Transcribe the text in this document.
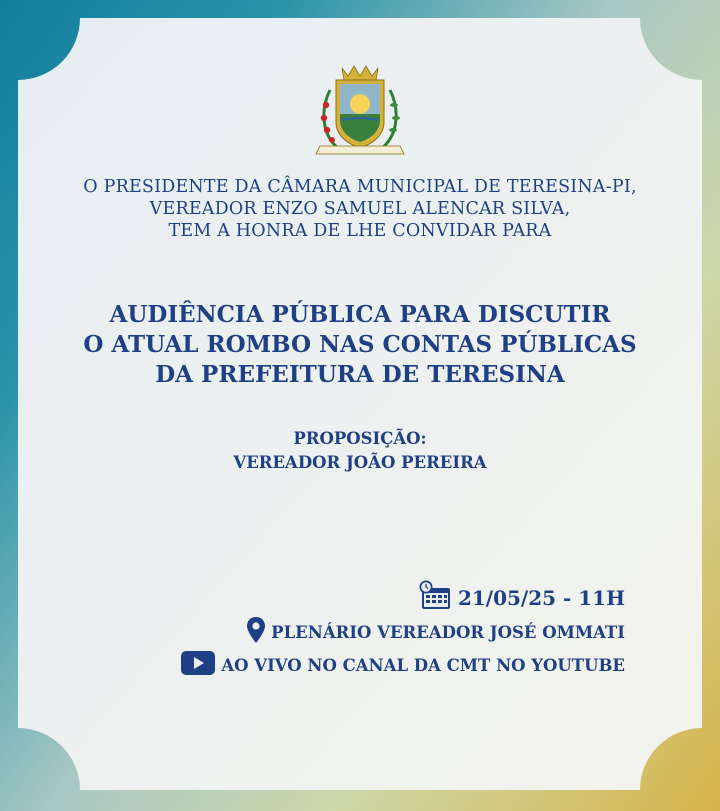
O PRESIDENTE DA CÂMARA MUNICIPAL DE TERESINA-PI,
VEREADOR ENZO SAMUEL ALENCAR SILVA,
TEM A HONRA DE LHE CONVIDAR PARA
AUDIÊNCIA PÚBLICA PARA DISCUTIR
O ATUAL ROMBO NAS CONTAS PÚBLICAS
DA PREFEITURA DE TERESINA
PROPOSIÇÃO:
VEREADOR JOÃO PEREIRA
21/05/25 - 11H
PLENÁRIO VEREADOR JOSÉ OMMATI
AO VIVO NO CANAL DA CMT NO YOUTUBE
